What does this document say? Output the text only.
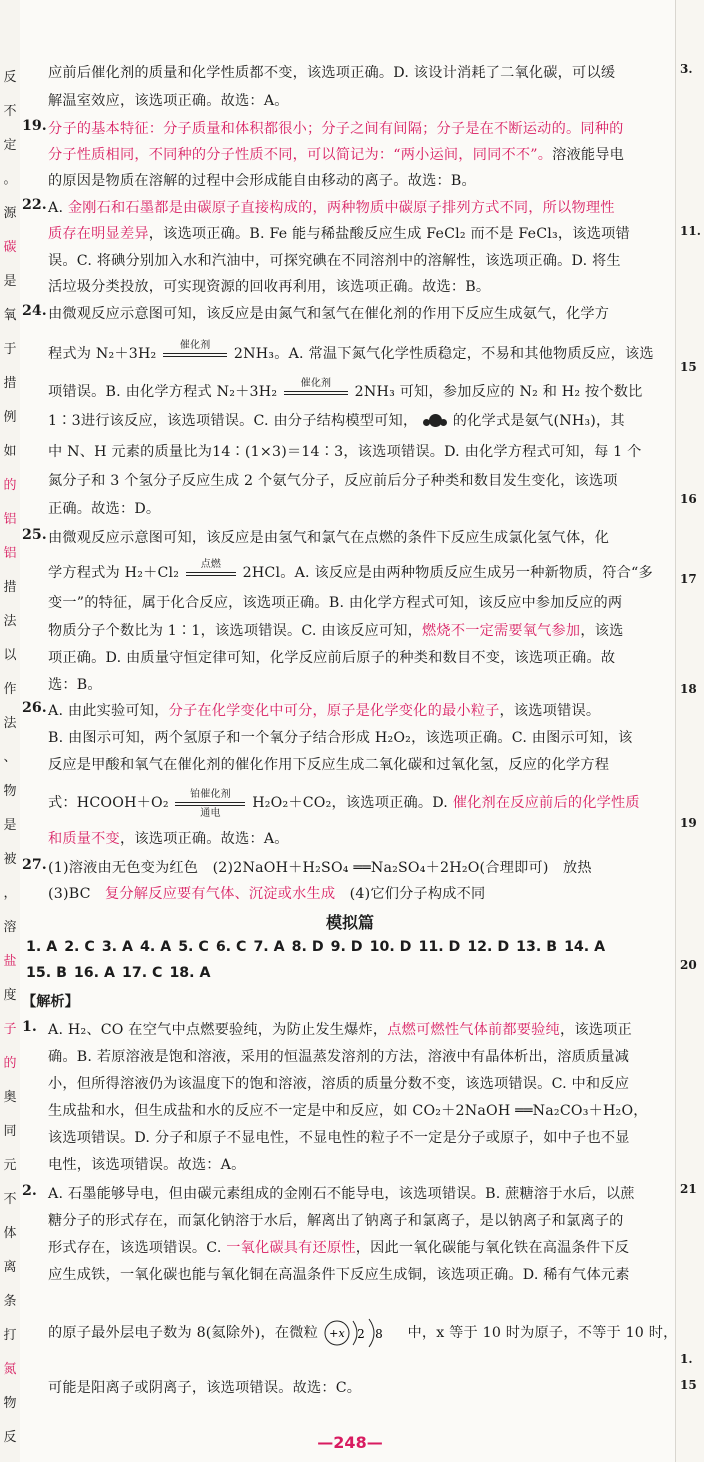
反
不
定
。
源
碳
是
氧
于
措
例
如
的
铝
铝
措
法
以
作
法
、
物
是
被
，
溶
盐
度
子
的
奥
同
元
不
体
离
条
打
氮
物
反
3.
11.
15
16
17
18
19
20
21
1.
15
应前后催化剂的质量和化学性质都不变，该选项正确。D. 该设计消耗了二氧化碳，可以缓
解温室效应，该选项正确。故选：A。
19. 分子的基本特征：分子质量和体积都很小；分子之间有间隔；分子是在不断运动的。同种的
分子性质相同，不同种的分子性质不同，可以简记为：“两小运间，同同不不”。溶液能导电
的原因是物质在溶解的过程中会形成能自由移动的离子。故选：B。
22. A. 金刚石和石墨都是由碳原子直接构成的，两种物质中碳原子排列方式不同，所以物理性
质存在明显差异，该选项正确。B. Fe 能与稀盐酸反应生成 FeCl₂ 而不是 FeCl₃，该选项错
误。C. 将碘分别加入水和汽油中，可探究碘在不同溶剂中的溶解性，该选项正确。D. 将生
活垃圾分类投放，可实现资源的回收再利用，该选项正确。故选：B。
24. 由微观反应示意图可知，该反应是由氮气和氢气在催化剂的作用下反应生成氨气，化学方
程式为 N₂＋3H₂
催化剂
2NH₃。A. 常温下氮气化学性质稳定，不易和其他物质反应，该选
项错误。B. 由化学方程式 N₂＋3H₂
催化剂
2NH₃ 可知，参加反应的 N₂ 和 H₂ 按个数比
1∶3进行该反应，该选项错误。C. 由分子结构模型可知， 的化学式是氨气(NH₃)，其
中 N、H 元素的质量比为14∶(1×3)＝14∶3，该选项错误。D. 由化学方程式可知，每 1 个
氮分子和 3 个氢分子反应生成 2 个氨气分子，反应前后分子种类和数目发生变化，该选项
正确。故选：D。
25. 由微观反应示意图可知，该反应是由氢气和氯气在点燃的条件下反应生成氯化氢气体，化
学方程式为 H₂＋Cl₂
点燃
2HCl。A. 该反应是由两种物质反应生成另一种新物质，符合“多
变一”的特征，属于化合反应，该选项正确。B. 由化学方程式可知，该反应中参加反应的两
物质分子个数比为 1∶1，该选项错误。C. 由该反应可知，燃烧不一定需要氧气参加，该选
项正确。D. 由质量守恒定律可知，化学反应前后原子的种类和数目不变，该选项正确。故
选：B。
26. A. 由此实验可知，分子在化学变化中可分，原子是化学变化的最小粒子，该选项错误。
B. 由图示可知，两个氢原子和一个氧分子结合形成 H₂O₂，该选项正确。C. 由图示可知，该
反应是甲酸和氧气在催化剂的催化作用下反应生成二氧化碳和过氧化氢，反应的化学方程
式：HCOOH＋O₂
铂催化剂
通电
H₂O₂＋CO₂，该选项正确。D. 催化剂在反应前后的化学性质
和质量不变，该选项正确。故选：A。
27. (1)溶液由无色变为红色　(2)2NaOH＋H₂SO₄ ══Na₂SO₄＋2H₂O(合理即可)　放热
(3)BC　复分解反应要有气体、沉淀或水生成　(4)它们分子构成不同
模拟篇
1. A 2. C 3. A 4. A 5. C 6. C 7. A 8. D 9. D 10. D 11. D 12. D 13. B 14. A
15. B 16. A 17. C 18. A
【解析】
1. A. H₂、CO 在空气中点燃要验纯，为防止发生爆炸，点燃可燃性气体前都要验纯，该选项正
确。B. 若原溶液是饱和溶液，采用的恒温蒸发溶剂的方法，溶液中有晶体析出，溶质质量减
小，但所得溶液仍为该温度下的饱和溶液，溶质的质量分数不变，该选项错误。C. 中和反应
生成盐和水，但生成盐和水的反应不一定是中和反应，如 CO₂＋2NaOH ══Na₂CO₃＋H₂O，
该选项错误。D. 分子和原子不显电性，不显电性的粒子不一定是分子或原子，如中子也不显
电性，该选项错误。故选：A。
2. A. 石墨能够导电，但由碳元素组成的金刚石不能导电，该选项错误。B. 蔗糖溶于水后，以蔗
糖分子的形式存在，而氯化钠溶于水后，解离出了钠离子和氯离子，是以钠离子和氯离子的
形式存在，该选项错误。C. 一氧化碳具有还原性，因此一氧化碳能与氧化铁在高温条件下反
应生成铁，一氧化碳也能与氧化铜在高温条件下反应生成铜，该选项正确。D. 稀有气体元素
的原子最外层电子数为 8(氦除外)，在微粒 +x 2 8 中，x 等于 10 时为原子，不等于 10 时，
可能是阳离子或阴离子，该选项错误。故选：C。
—248—
